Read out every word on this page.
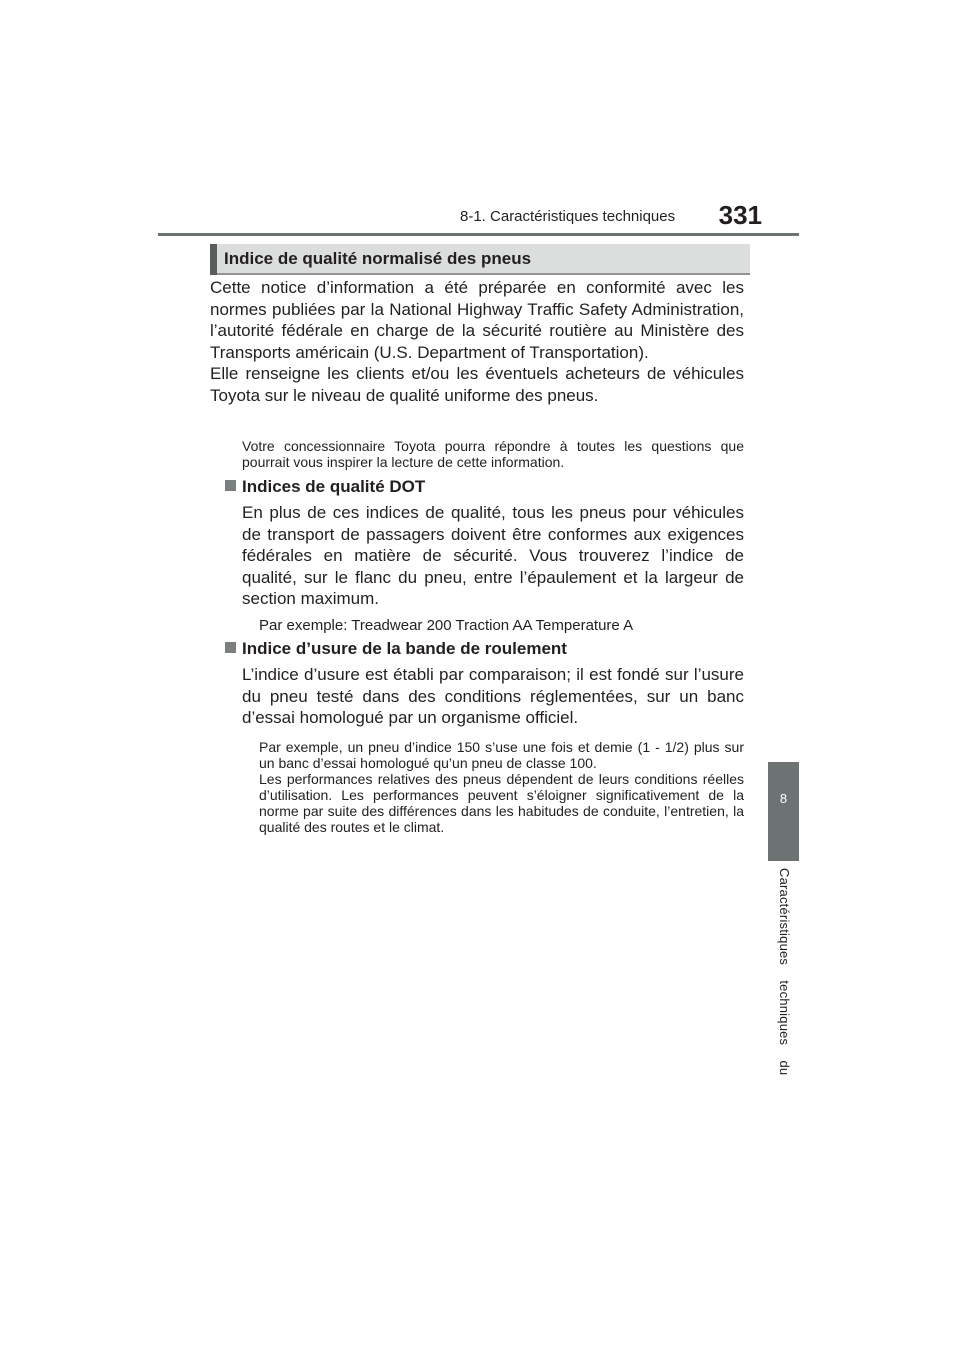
8-1. Caractéristiques techniques	331
Indice de qualité normalisé des pneus

Cette notice d’information a été préparée en conformité avec les normes publiées par la National Highway Traffic Safety Administration, l’autorité fédérale en charge de la sécurité routière au Ministère des Transports américain (U.S. Department of Transportation).

Elle renseigne les clients et/ou les éventuels acheteurs de véhicules Toyota sur le niveau de qualité uniforme des pneus.

Votre concessionnaire Toyota pourra répondre à toutes les questions que pourrait vous inspirer la lecture de cette information.

Indices de qualité DOT

En plus de ces indices de qualité, tous les pneus pour véhicules de transport de passagers doivent être conformes aux exigences fédérales en matière de sécurité. Vous trouverez l’indice de qualité, sur le flanc du pneu, entre l’épaulement et la largeur de section maximum.

Par exemple: Treadwear 200 Traction AA Temperature A

Indice d’usure de la bande de roulement

L’indice d’usure est établi par comparaison; il est fondé sur l’usure du pneu testé dans des conditions réglementées, sur un banc d’essai homologué par un organisme officiel.

Par exemple, un pneu d’indice 150 s’use une fois et demie (1 - 1/2) plus sur un banc d’essai homologué qu’un pneu de classe 100.

Les performances relatives des pneus dépendent de leurs conditions réelles d’utilisation. Les performances peuvent s’éloigner significativement de la norme par suite des différences dans les habitudes de conduite, l’entretien, la qualité des routes et le climat.

8
Caractéristiques    techniques    du
